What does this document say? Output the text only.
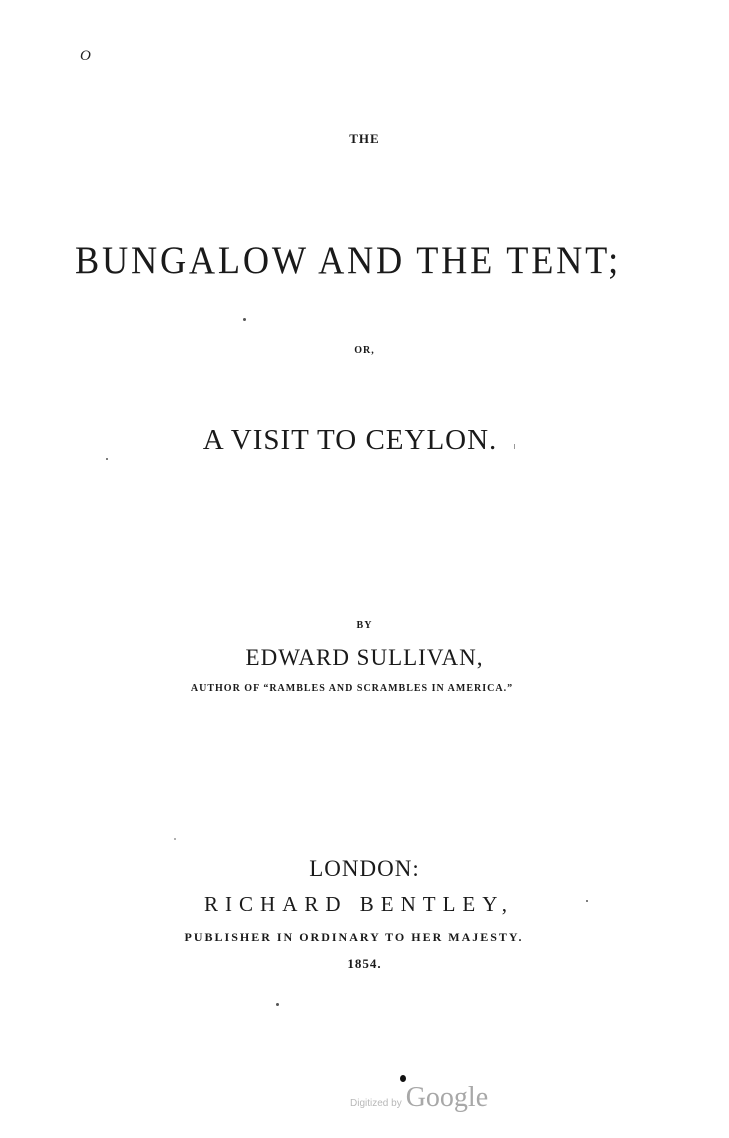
O
THE
BUNGALOW AND THE TENT;
OR,
A VISIT TO CEYLON.
BY
EDWARD SULLIVAN,
AUTHOR OF “RAMBLES AND SCRAMBLES IN AMERICA.”
LONDON:
RICHARD BENTLEY,
PUBLISHER IN ORDINARY TO HER MAJESTY.
1854.
Digitized by Google
